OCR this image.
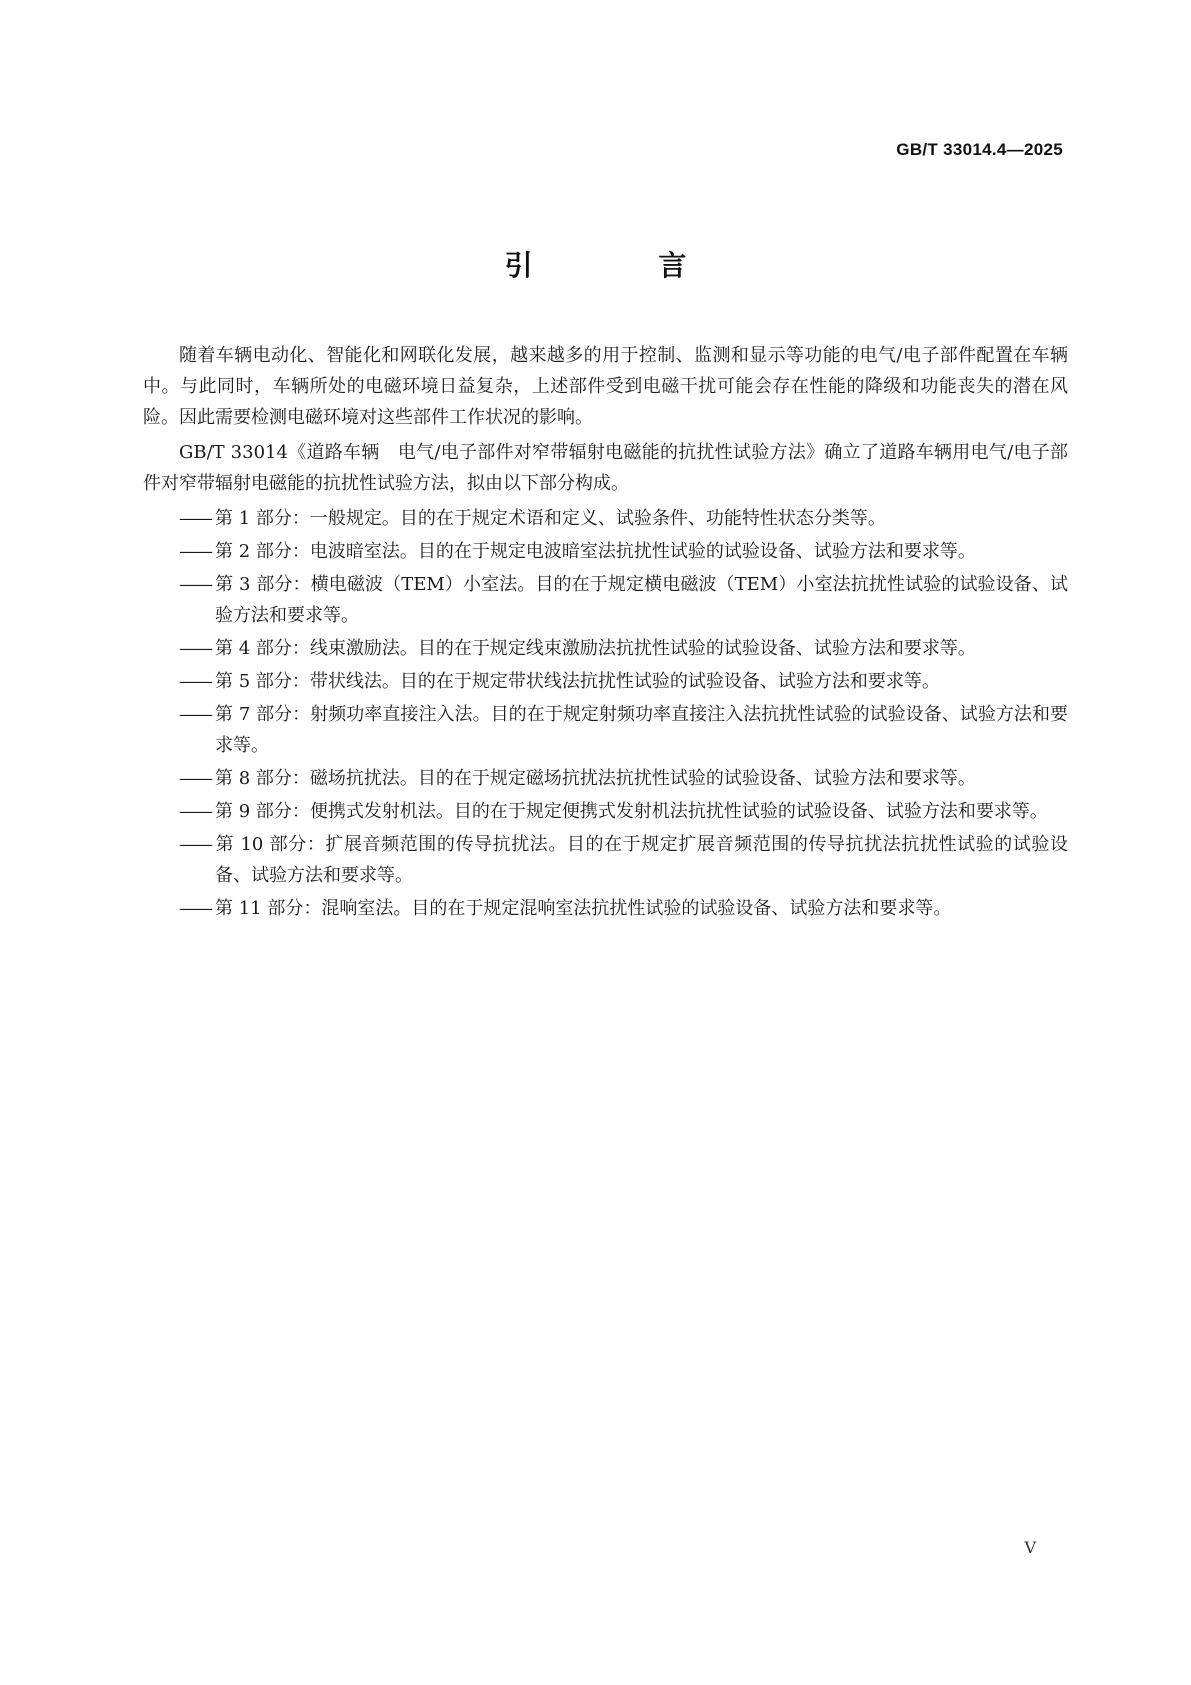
GB/T 33014.4—2025
引 言

随着车辆电动化、智能化和网联化发展，越来越多的用于控制、监测和显示等功能的电气/电子部件配置在车辆中。与此同时，车辆所处的电磁环境日益复杂，上述部件受到电磁干扰可能会存在性能的降级和功能丧失的潜在风险。因此需要检测电磁环境对这些部件工作状况的影响。

GB/T 33014《道路车辆　电气/电子部件对窄带辐射电磁能的抗扰性试验方法》确立了道路车辆用电气/电子部件对窄带辐射电磁能的抗扰性试验方法，拟由以下部分构成。

—— 第 1 部分：一般规定。目的在于规定术语和定义、试验条件、功能特性状态分类等。
—— 第 2 部分：电波暗室法。目的在于规定电波暗室法抗扰性试验的试验设备、试验方法和要求等。
—— 第 3 部分：横电磁波（TEM）小室法。目的在于规定横电磁波（TEM）小室法抗扰性试验的试验设备、试验方法和要求等。
—— 第 4 部分：线束激励法。目的在于规定线束激励法抗扰性试验的试验设备、试验方法和要求等。
—— 第 5 部分：带状线法。目的在于规定带状线法抗扰性试验的试验设备、试验方法和要求等。
—— 第 7 部分：射频功率直接注入法。目的在于规定射频功率直接注入法抗扰性试验的试验设备、试验方法和要求等。
—— 第 8 部分：磁场抗扰法。目的在于规定磁场抗扰法抗扰性试验的试验设备、试验方法和要求等。
—— 第 9 部分：便携式发射机法。目的在于规定便携式发射机法抗扰性试验的试验设备、试验方法和要求等。
—— 第 10 部分：扩展音频范围的传导抗扰法。目的在于规定扩展音频范围的传导抗扰法抗扰性试验的试验设备、试验方法和要求等。
—— 第 11 部分：混响室法。目的在于规定混响室法抗扰性试验的试验设备、试验方法和要求等。
V
